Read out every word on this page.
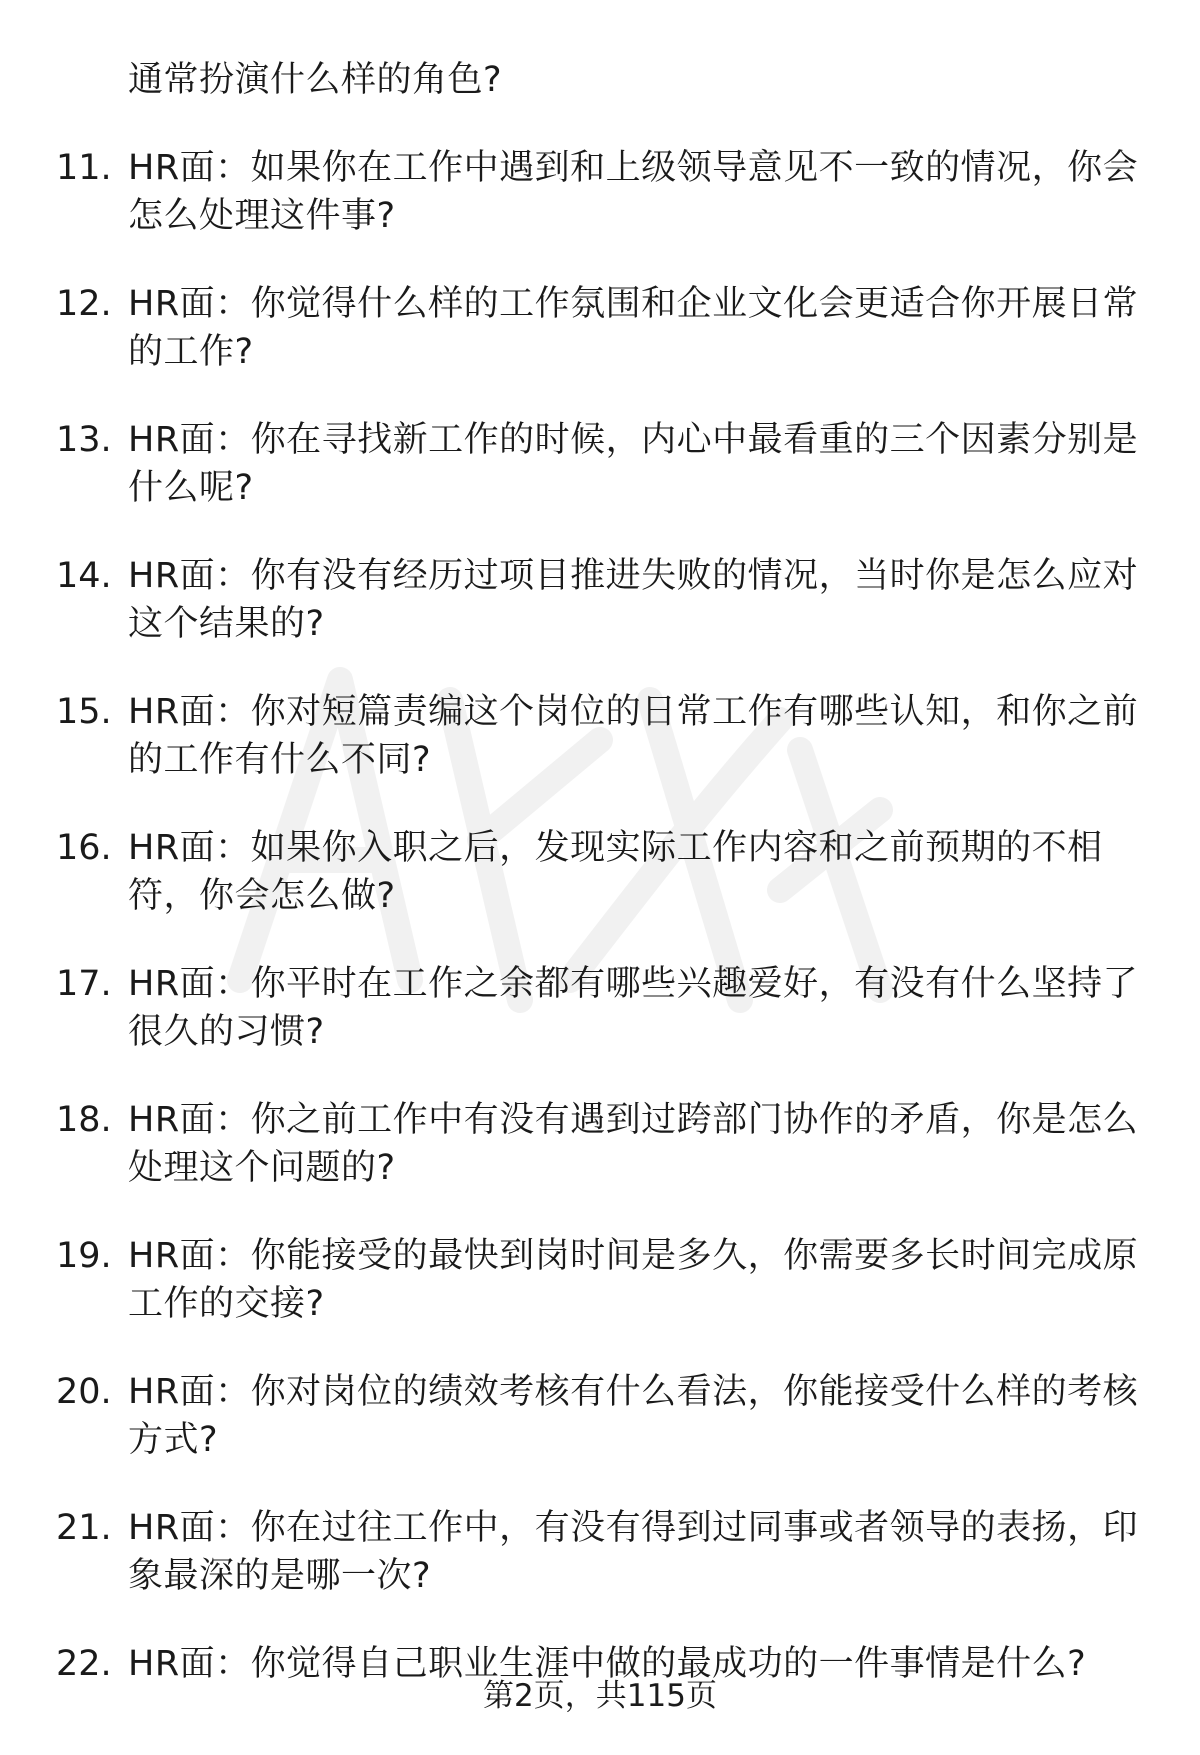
通常扮演什么样的角色?
11. HR面：如果你在工作中遇到和上级领导意见不一致的情况，你会怎么处理这件事?
12. HR面：你觉得什么样的工作氛围和企业文化会更适合你开展日常的工作?
13. HR面：你在寻找新工作的时候，内心中最看重的三个因素分别是什么呢?
14. HR面：你有没有经历过项目推进失败的情况，当时你是怎么应对这个结果的?
15. HR面：你对短篇责编这个岗位的日常工作有哪些认知，和你之前的工作有什么不同?
16. HR面：如果你入职之后，发现实际工作内容和之前预期的不相符，你会怎么做?
17. HR面：你平时在工作之余都有哪些兴趣爱好，有没有什么坚持了很久的习惯?
18. HR面：你之前工作中有没有遇到过跨部门协作的矛盾，你是怎么处理这个问题的?
19. HR面：你能接受的最快到岗时间是多久，你需要多长时间完成原工作的交接?
20. HR面：你对岗位的绩效考核有什么看法，你能接受什么样的考核方式?
21. HR面：你在过往工作中，有没有得到过同事或者领导的表扬，印象最深的是哪一次?
22. HR面：你觉得自己职业生涯中做的最成功的一件事情是什么?
第2页，共115页
